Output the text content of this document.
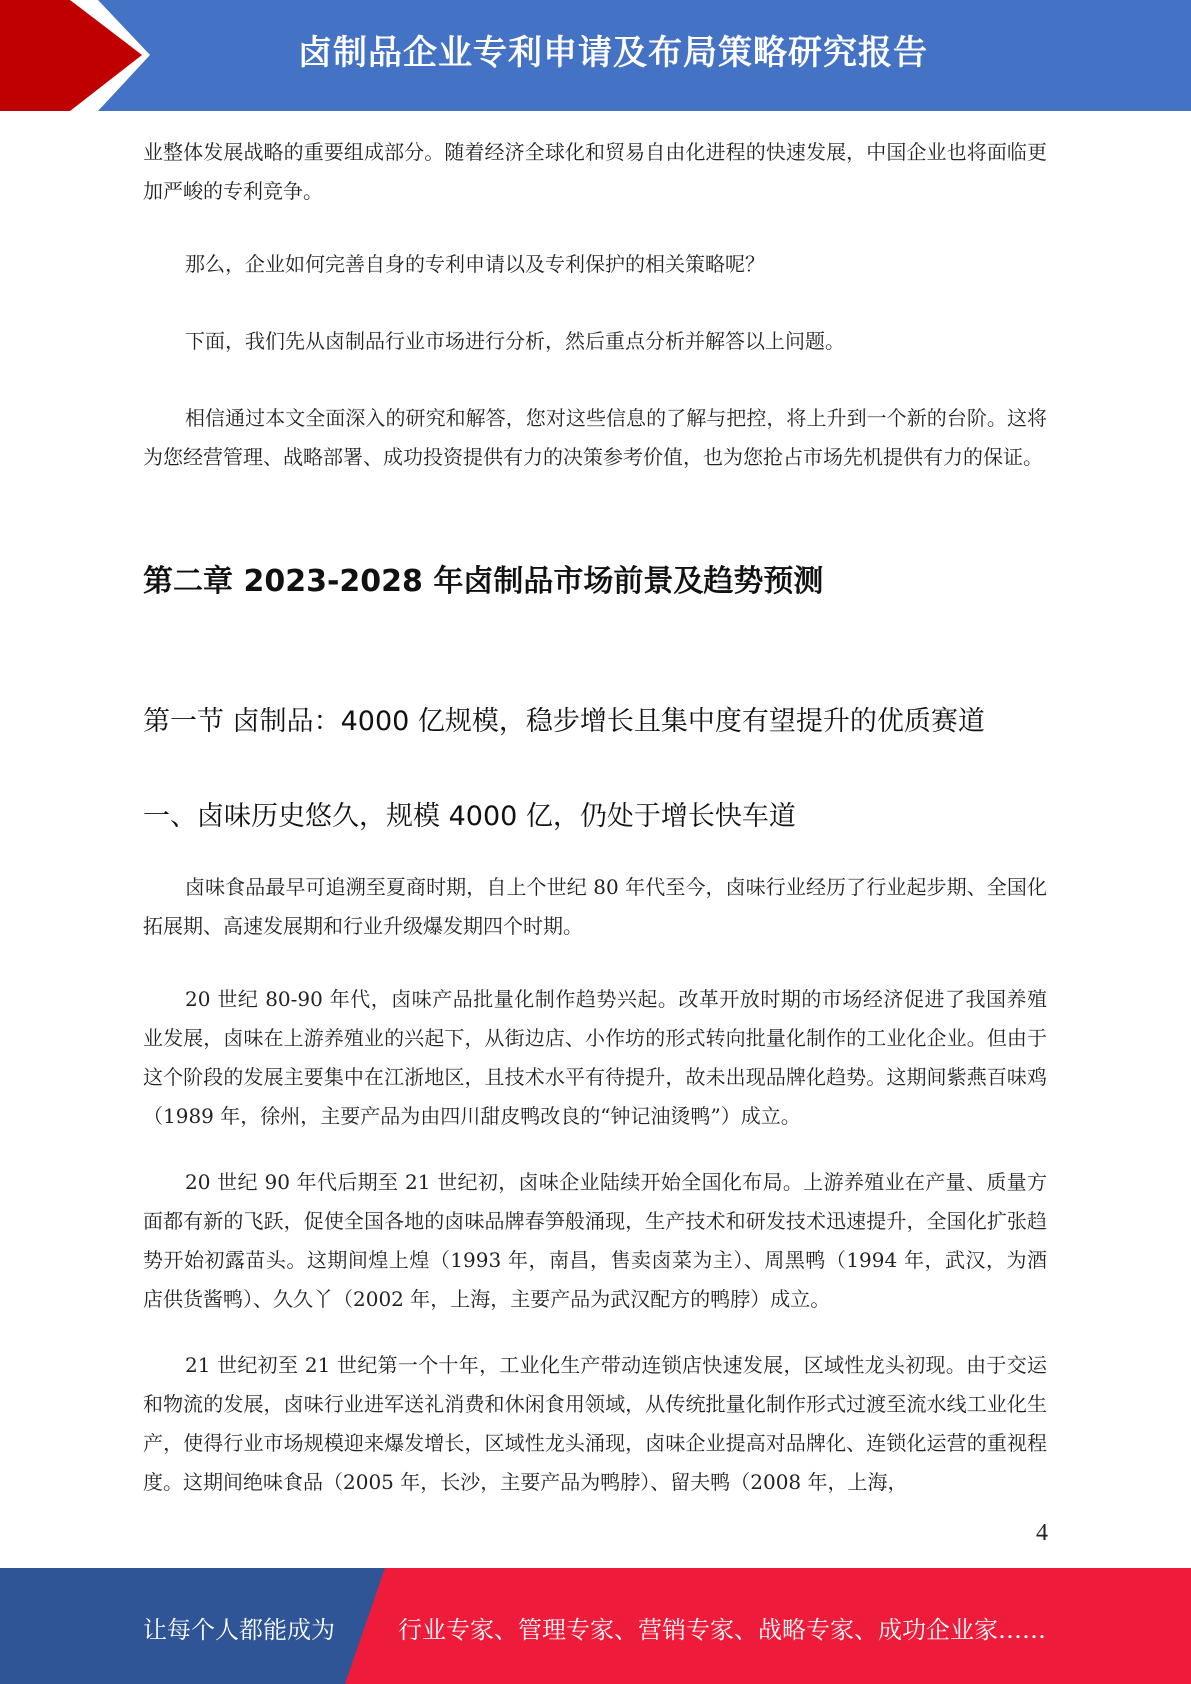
卤制品企业专利申请及布局策略研究报告

业整体发展战略的重要组成部分。随着经济全球化和贸易自由化进程的快速发展，中国企业也将面临更加严峻的专利竞争。

那么，企业如何完善自身的专利申请以及专利保护的相关策略呢？

下面，我们先从卤制品行业市场进行分析，然后重点分析并解答以上问题。

相信通过本文全面深入的研究和解答，您对这些信息的了解与把控，将上升到一个新的台阶。这将为您经营管理、战略部署、成功投资提供有力的决策参考价值，也为您抢占市场先机提供有力的保证。

第二章 2023-2028 年卤制品市场前景及趋势预测
第一节 卤制品：4000 亿规模，稳步增长且集中度有望提升的优质赛道
一、卤味历史悠久，规模 4000 亿，仍处于增长快车道

卤味食品最早可追溯至夏商时期，自上个世纪 80 年代至今，卤味行业经历了行业起步期、全国化拓展期、高速发展期和行业升级爆发期四个时期。

20 世纪 80-90 年代，卤味产品批量化制作趋势兴起。改革开放时期的市场经济促进了我国养殖业发展，卤味在上游养殖业的兴起下，从街边店、小作坊的形式转向批量化制作的工业化企业。但由于这个阶段的发展主要集中在江浙地区，且技术水平有待提升，故未出现品牌化趋势。这期间紫燕百味鸡（1989 年，徐州，主要产品为由四川甜皮鸭改良的“钟记油烫鸭”）成立。

20 世纪 90 年代后期至 21 世纪初，卤味企业陆续开始全国化布局。上游养殖业在产量、质量方面都有新的飞跃，促使全国各地的卤味品牌春笋般涌现，生产技术和研发技术迅速提升，全国化扩张趋势开始初露苗头。这期间煌上煌（1993 年，南昌，售卖卤菜为主）、周黑鸭（1994 年，武汉，为酒店供货酱鸭）、久久丫（2002 年，上海，主要产品为武汉配方的鸭脖）成立。

21 世纪初至 21 世纪第一个十年，工业化生产带动连锁店快速发展，区域性龙头初现。由于交运和物流的发展，卤味行业进军送礼消费和休闲食用领域，从传统批量化制作形式过渡至流水线工业化生产，使得行业市场规模迎来爆发增长，区域性龙头涌现，卤味企业提高对品牌化、连锁化运营的重视程度。这期间绝味食品（2005 年，长沙，主要产品为鸭脖）、留夫鸭（2008 年，上海，

4
让每个人都能成为	行业专家、管理专家、营销专家、战略专家、成功企业家……
